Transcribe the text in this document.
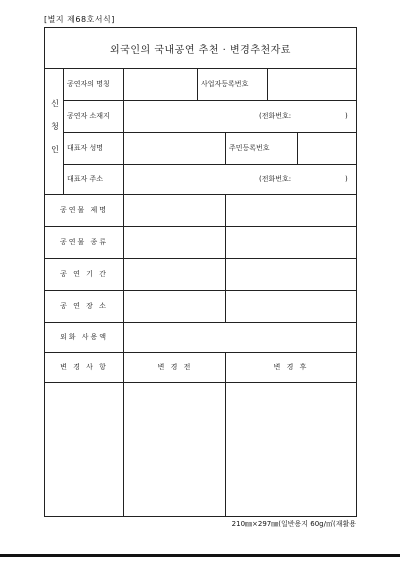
[별지 제68호서식]
외국인의 국내공연 추천 · 변경추천자료
신
청
인
공연자의 명칭	사업자등록번호
공연자 소재지	(전화번호:	)
대표자 성명	주민등록번호
대표자 주소	(전화번호:	)
공연물 제명
공연물 종류
공 연 기 간
공 연 장 소
외화 사용액
변 경 사 항	변 경 전	변 경 후
210㎜×297㎜(일반용지 60g/㎡(재활용
